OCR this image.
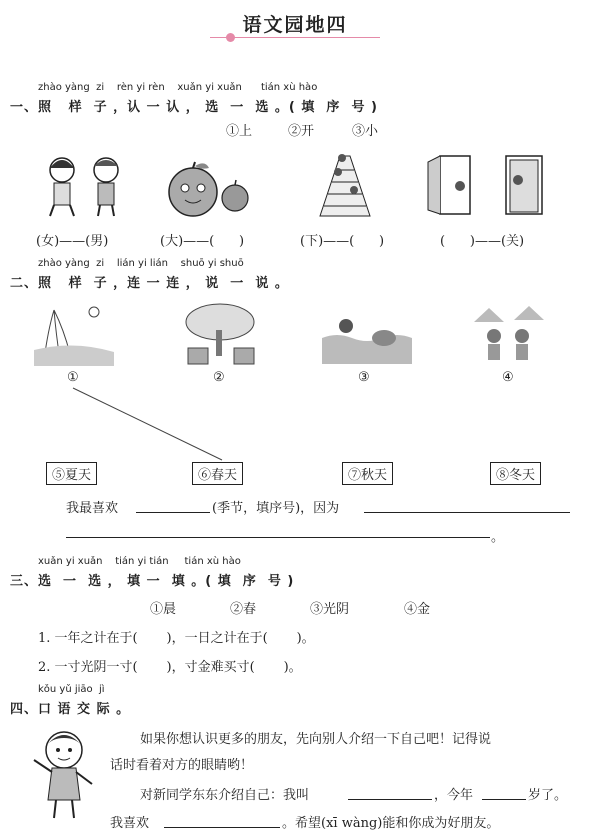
语文园地四
zhào yàng  zi    rèn yi rèn    xuǎn yi xuǎn      tián xù hào
一、照   样  子 ，认 一 认 ， 选  一  选 。( 填  序  号 )
①上	②开	③小
(女)——(男)	(大)——(      )	(下)——(      )	(      )——(关)
zhào yàng  zi    lián yi lián    shuō yi shuō
二、照   样  子 ，连 一 连 ， 说  一  说 。
①	②	③	④
⑤夏天	⑥春天	⑦秋天	⑧冬天
我最喜欢	(季节，填序号)，因为
。
xuǎn yi xuǎn    tián yi tián     tián xù hào
三、选  一  选 ， 填 一  填 。( 填  序  号 )
①晨	②春	③光阴	④金
1. 一年之计在于(       )，一日之计在于(       )。
2. 一寸光阴一寸(       )，寸金难买寸(       )。
kǒu yǔ jiāo  jì
四、口 语 交 际 。
如果你想认识更多的朋友，先向别人介绍一下自己吧！记得说
话时看着对方的眼睛哟！
对新同学东东介绍自己：我叫	，今年	岁了。
我喜欢	。希望(xī wàng)能和你成为好朋友。
